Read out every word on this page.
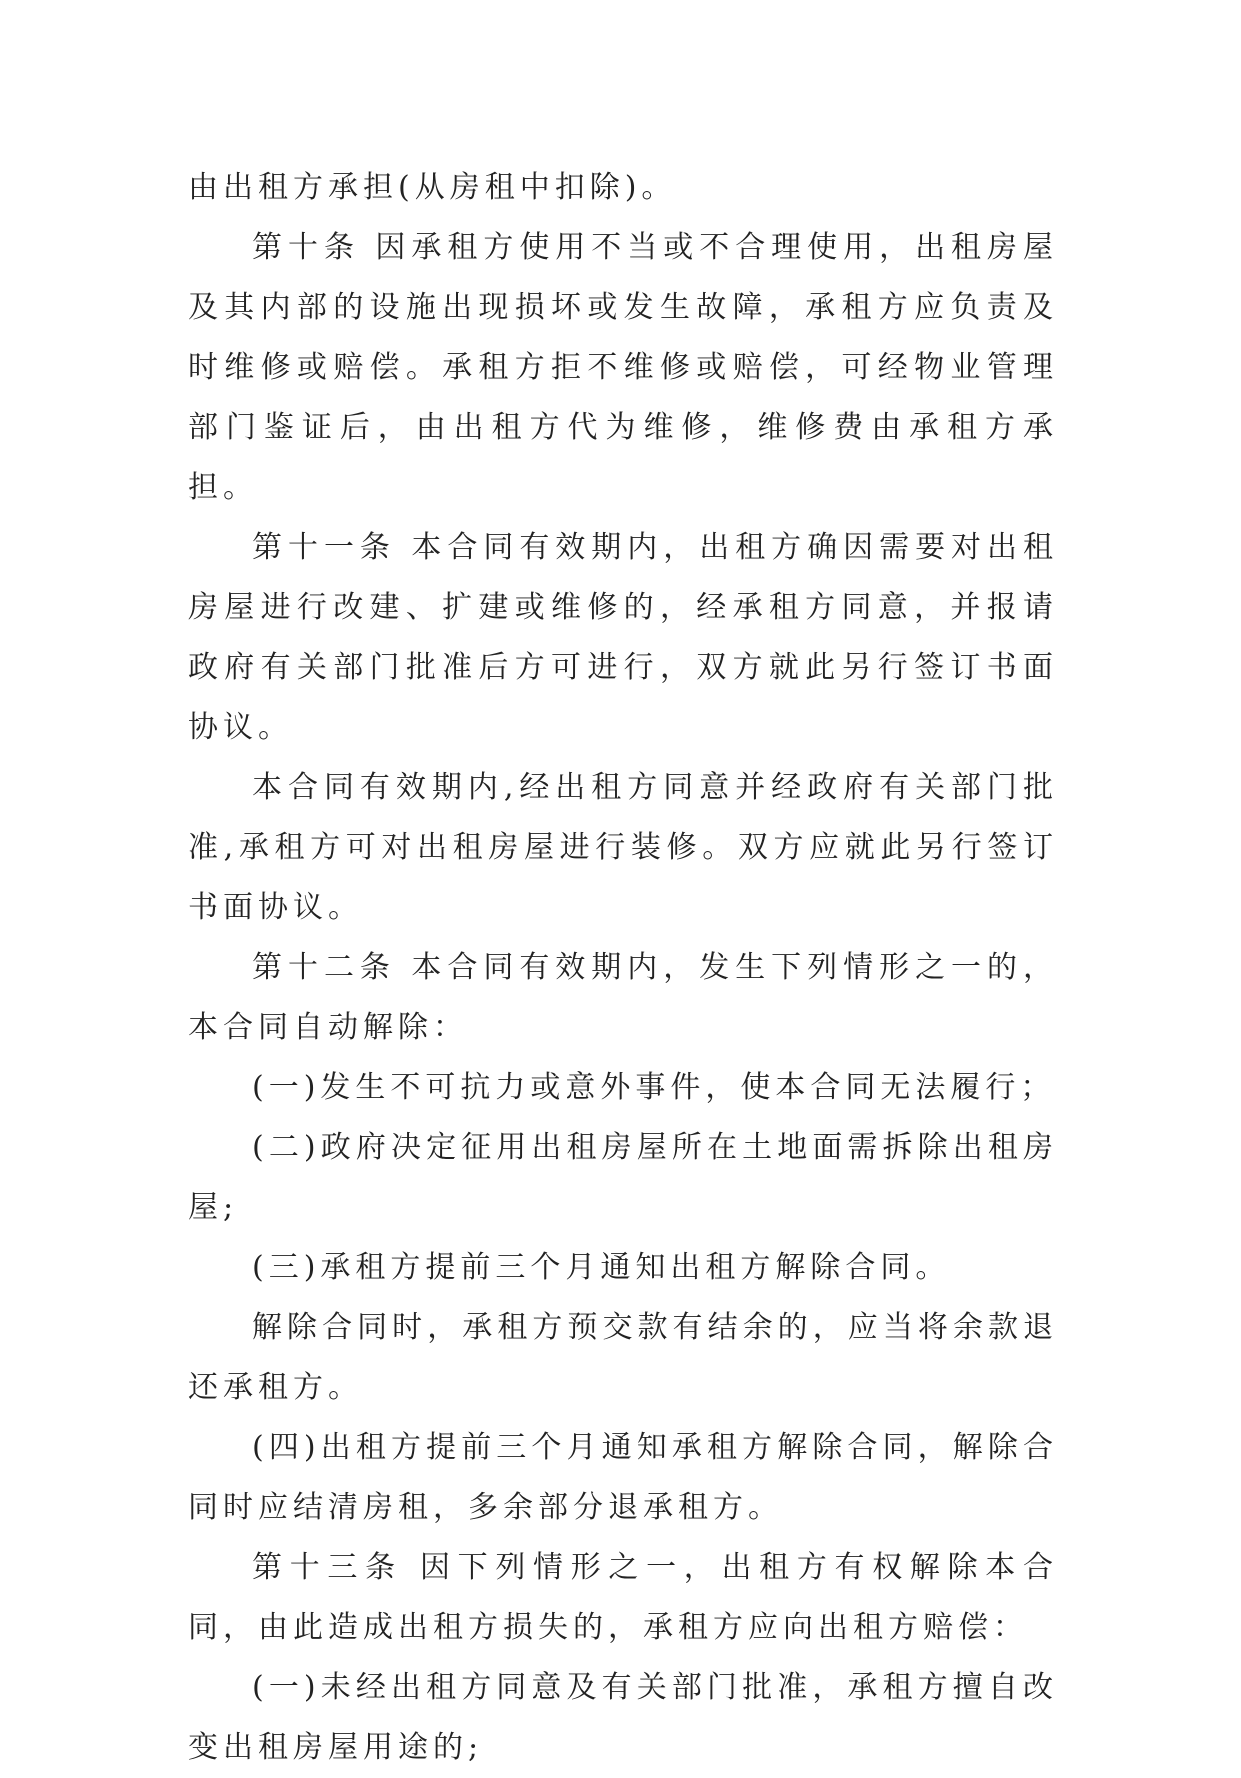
由出租方承担(从房租中扣除)。

第十条 因承租方使用不当或不合理使用，出租房屋及其内部的设施出现损坏或发生故障，承租方应负责及时维修或赔偿。承租方拒不维修或赔偿，可经物业管理部门鉴证后，由出租方代为维修，维修费由承租方承担。

第十一条 本合同有效期内，出租方确因需要对出租房屋进行改建、扩建或维修的，经承租方同意，并报请政府有关部门批准后方可进行，双方就此另行签订书面协议。

本合同有效期内,经出租方同意并经政府有关部门批准,承租方可对出租房屋进行装修。双方应就此另行签订书面协议。

第十二条 本合同有效期内，发生下列情形之一的，本合同自动解除：

(一)发生不可抗力或意外事件，使本合同无法履行；

(二)政府决定征用出租房屋所在土地面需拆除出租房屋;

(三)承租方提前三个月通知出租方解除合同。

解除合同时，承租方预交款有结余的，应当将余款退还承租方。

(四)出租方提前三个月通知承租方解除合同，解除合同时应结清房租，多余部分退承租方。

第十三条 因下列情形之一，出租方有权解除本合同，由此造成出租方损失的，承租方应向出租方赔偿：

(一)未经出租方同意及有关部门批准，承租方擅自改变出租房屋用途的;
